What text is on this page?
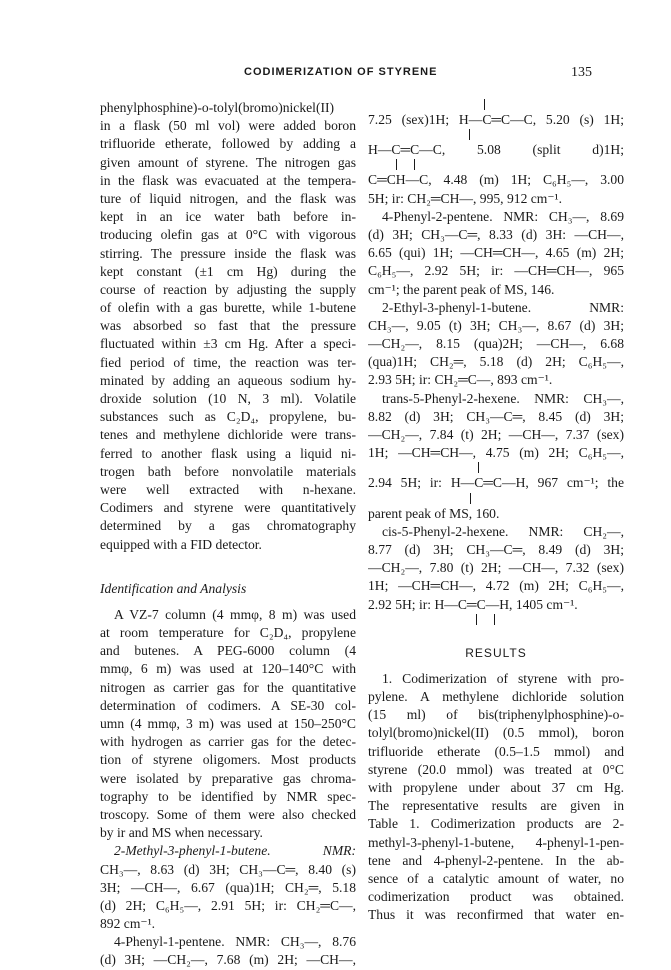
CODIMERIZATION OF STYRENE	135
phenylphosphine)-o-tolyl(bromo)nickel(II)
in a flask (50 ml vol) were added boron
trifluoride etherate, followed by adding a
given amount of styrene. The nitrogen gas
in the flask was evacuated at the tempera-
ture of liquid nitrogen, and the flask was
kept in an ice water bath before in-
troducing olefin gas at 0°C with vigorous
stirring. The pressure inside the flask was
kept constant (±1 cm Hg) during the
course of reaction by adjusting the supply
of olefin with a gas burette, while 1-butene
was absorbed so fast that the pressure
fluctuated within ±3 cm Hg. After a speci-
fied period of time, the reaction was ter-
minated by adding an aqueous sodium hy-
droxide solution (10 N, 3 ml). Volatile
substances such as C₂D₄, propylene, bu-
tenes and methylene dichloride were trans-
ferred to another flask using a liquid ni-
trogen bath before nonvolatile materials
were well extracted with n-hexane.
Codimers and styrene were quantitatively
determined by a gas chromatography
equipped with a FID detector.
Identification and Analysis
A VZ-7 column (4 mmφ, 8 m) was used
at room temperature for C₂D₄, propylene
and butenes. A PEG-6000 column (4
mmφ, 6 m) was used at 120–140°C with
nitrogen as carrier gas for the quantitative
determination of codimers. A SE-30 col-
umn (4 mmφ, 3 m) was used at 150–250°C
with hydrogen as carrier gas for the detec-
tion of styrene oligomers. Most products
were isolated by preparative gas chroma-
tography to be identified by NMR spec-
troscopy. Some of them were also checked
by ir and MS when necessary.
2-Methyl-3-phenyl-1-butene. NMR:
CH₃—, 8.63 (d) 3H; CH₃—C═, 8.40 (s)
3H; —CH—, 6.67 (qua)1H; CH₂═, 5.18
(d) 2H; C₆H₅—, 2.91 5H; ir: CH₂═C—,
892 cm⁻¹.
4-Phenyl-1-pentene. NMR: CH₃—, 8.76
(d) 3H; —CH₂—, 7.68 (m) 2H; —CH—,
7.25 (sex)1H; H—C═C—C, 5.20 (s) 1H;
H—C═C—C, 5.08 (split d)1H;
C═CH—C, 4.48 (m) 1H; C₆H₅—, 3.00
5H; ir: CH₂═CH—, 995, 912 cm⁻¹.
4-Phenyl-2-pentene. NMR: CH₃—, 8.69
(d) 3H; CH₃—C═, 8.33 (d) 3H: —CH—,
6.65 (qui) 1H; —CH═CH—, 4.65 (m) 2H;
C₆H₅—, 2.92 5H; ir: —CH═CH—, 965
cm⁻¹; the parent peak of MS, 146.
2-Ethyl-3-phenyl-1-butene. NMR:
CH₃—, 9.05 (t) 3H; CH₃—, 8.67 (d) 3H;
—CH₂—, 8.15 (qua)2H; —CH—, 6.68
(qua)1H; CH₂═, 5.18 (d) 2H; C₆H₅—,
2.93 5H; ir: CH₂═C—, 893 cm⁻¹.
trans-5-Phenyl-2-hexene. NMR: CH₃—,
8.82 (d) 3H; CH₃—C═, 8.45 (d) 3H;
—CH₂—, 7.84 (t) 2H; —CH—, 7.37 (sex)
1H; —CH═CH—, 4.75 (m) 2H; C₆H₅—,
2.94 5H; ir: H—C═C—H, 967 cm⁻¹; the
parent peak of MS, 160.
cis-5-Phenyl-2-hexene. NMR: CH₂—,
8.77 (d) 3H; CH₃—C═, 8.49 (d) 3H;
—CH₂—, 7.80 (t) 2H; —CH—, 7.32 (sex)
1H; —CH═CH—, 4.72 (m) 2H; C₆H₅—,
2.92 5H; ir: H—C═C—H, 1405 cm⁻¹.
RESULTS
1. Codimerization of styrene with pro-
pylene. A methylene dichloride solution
(15 ml) of bis(triphenylphosphine)-o-
tolyl(bromo)nickel(II) (0.5 mmol), boron
trifluoride etherate (0.5–1.5 mmol) and
styrene (20.0 mmol) was treated at 0°C
with propylene under about 37 cm Hg.
The representative results are given in
Table 1. Codimerization products are 2-
methyl-3-phenyl-1-butene, 4-phenyl-1-pen-
tene and 4-phenyl-2-pentene. In the ab-
sence of a catalytic amount of water, no
codimerization product was obtained.
Thus it was reconfirmed that water en-
